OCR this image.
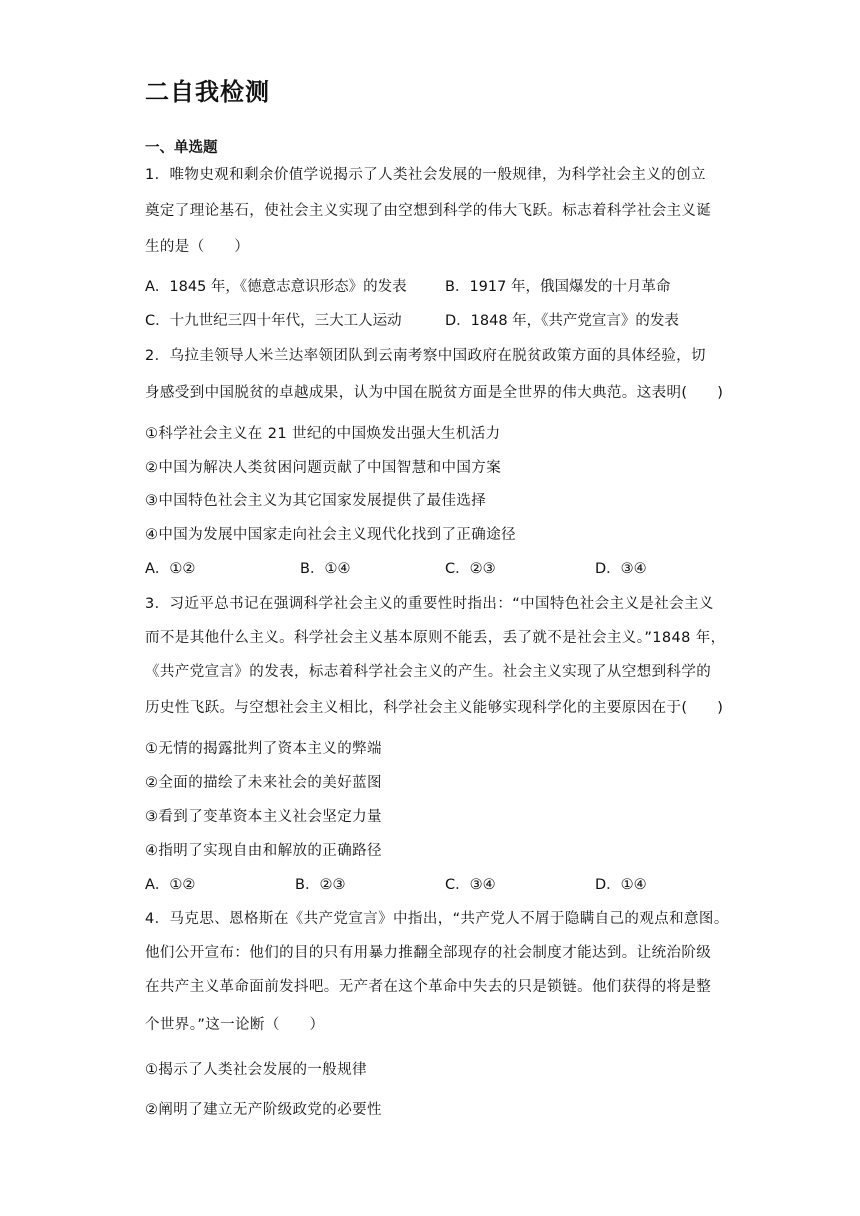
二自我检测
一、单选题
1．唯物史观和剩余价值学说揭示了人类社会发展的一般规律，为科学社会主义的创立
奠定了理论基石，使社会主义实现了由空想到科学的伟大飞跃。标志着科学社会主义诞
生的是（　　）
A．1845 年，《德意志意识形态》的发表	B．1917 年，俄国爆发的十月革命
C．十九世纪三四十年代，三大工人运动	D．1848 年，《共产党宣言》的发表
2．乌拉圭领导人米兰达率领团队到云南考察中国政府在脱贫政策方面的具体经验，切
身感受到中国脱贫的卓越成果，认为中国在脱贫方面是全世界的伟大典范。这表明(　　)
①科学社会主义在 21 世纪的中国焕发出强大生机活力
②中国为解决人类贫困问题贡献了中国智慧和中国方案
③中国特色社会主义为其它国家发展提供了最佳选择
④中国为发展中国家走向社会主义现代化找到了正确途径
A．①②	B．①④	C．②③	D．③④
3．习近平总书记在强调科学社会主义的重要性时指出：“中国特色社会主义是社会主义
而不是其他什么主义。科学社会主义基本原则不能丢，丢了就不是社会主义。”1848 年，
《共产党宣言》的发表，标志着科学社会主义的产生。社会主义实现了从空想到科学的
历史性飞跃。与空想社会主义相比，科学社会主义能够实现科学化的主要原因在于(　　)
①无情的揭露批判了资本主义的弊端
②全面的描绘了未来社会的美好蓝图
③看到了变革资本主义社会坚定力量
④指明了实现自由和解放的正确路径
A．①②	B．②③	C．③④	D．①④
4．马克思、恩格斯在《共产党宣言》中指出，“共产党人不屑于隐瞒自己的观点和意图。
他们公开宣布：他们的目的只有用暴力推翻全部现存的社会制度才能达到。让统治阶级
在共产主义革命面前发抖吧。无产者在这个革命中失去的只是锁链。他们获得的将是整
个世界。”这一论断（　　）
①揭示了人类社会发展的一般规律
②阐明了建立无产阶级政党的必要性
